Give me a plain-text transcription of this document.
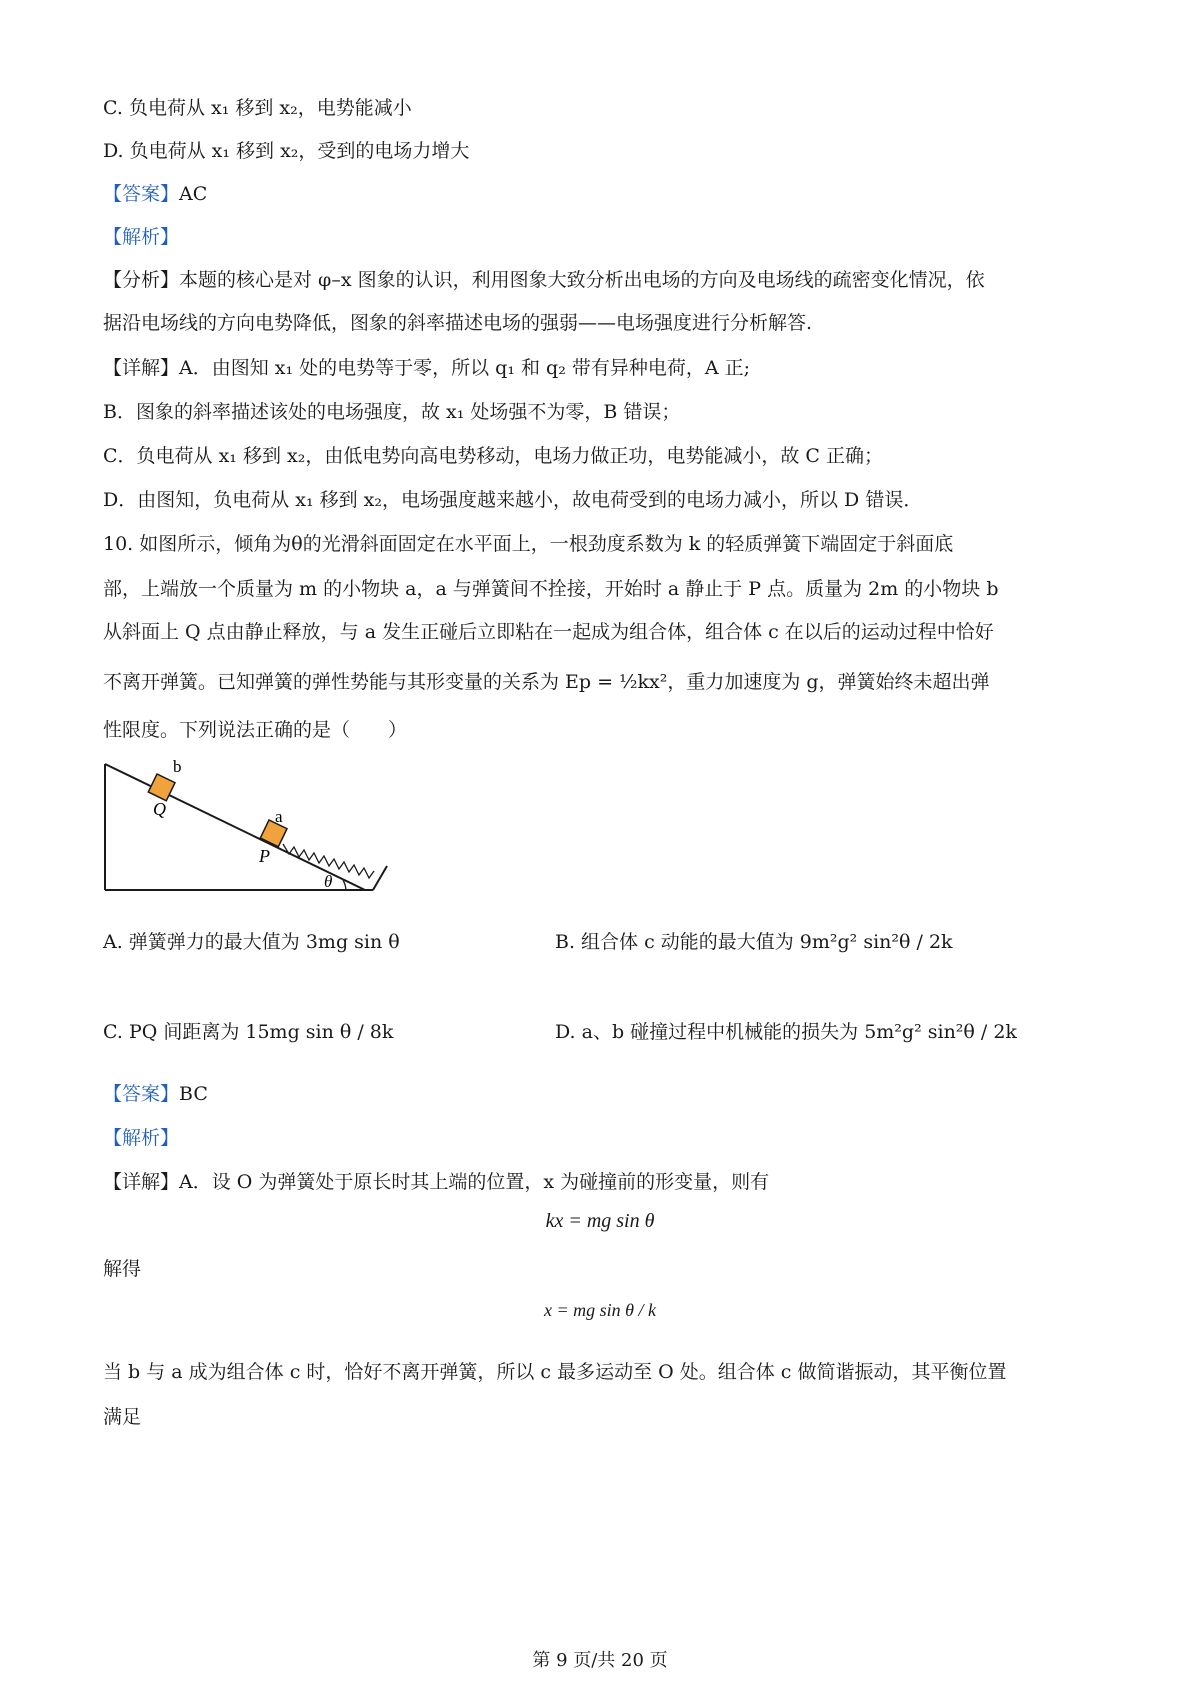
C. 负电荷从 x₁ 移到 x₂，电势能减小
D. 负电荷从 x₁ 移到 x₂，受到的电场力增大
【答案】AC
【解析】
【分析】本题的核心是对 φ–x 图象的认识，利用图象大致分析出电场的方向及电场线的疏密变化情况，依
据沿电场线的方向电势降低，图象的斜率描述电场的强弱——电场强度进行分析解答.
【详解】A．由图知 x₁ 处的电势等于零，所以 q₁ 和 q₂ 带有异种电荷，A 正;
B．图象的斜率描述该处的电场强度，故 x₁ 处场强不为零，B 错误；
C．负电荷从 x₁ 移到 x₂，由低电势向高电势移动，电场力做正功，电势能减小，故 C 正确；
D．由图知，负电荷从 x₁ 移到 x₂，电场强度越来越小，故电荷受到的电场力减小，所以 D 错误．
10. 如图所示，倾角为θ的光滑斜面固定在水平面上，一根劲度系数为 k 的轻质弹簧下端固定于斜面底
部，上端放一个质量为 m 的小物块 a，a 与弹簧间不拴接，开始时 a 静止于 P 点。质量为 2m 的小物块 b
从斜面上 Q 点由静止释放，与 a 发生正碰后立即粘在一起成为组合体，组合体 c 在以后的运动过程中恰好
不离开弹簧。已知弹簧的弹性势能与其形变量的关系为 Ep = ½kx²，重力加速度为 g，弹簧始终未超出弹
性限度。下列说法正确的是（　　）
b
Q	a
P
θ
A. 弹簧弹力的最大值为 3mg sin θ	B. 组合体 c 动能的最大值为 9m²g² sin²θ / 2k
C. PQ 间距离为 15mg sin θ / 8k	D. a、b 碰撞过程中机械能的损失为 5m²g² sin²θ / 2k
【答案】BC
【解析】
【详解】A．设 O 为弹簧处于原长时其上端的位置，x 为碰撞前的形变量，则有
kx = mg sin θ
解得
x = mg sin θ / k
当 b 与 a 成为组合体 c 时，恰好不离开弹簧，所以 c 最多运动至 O 处。组合体 c 做简谐振动，其平衡位置
满足
第 9 页/共 20 页
